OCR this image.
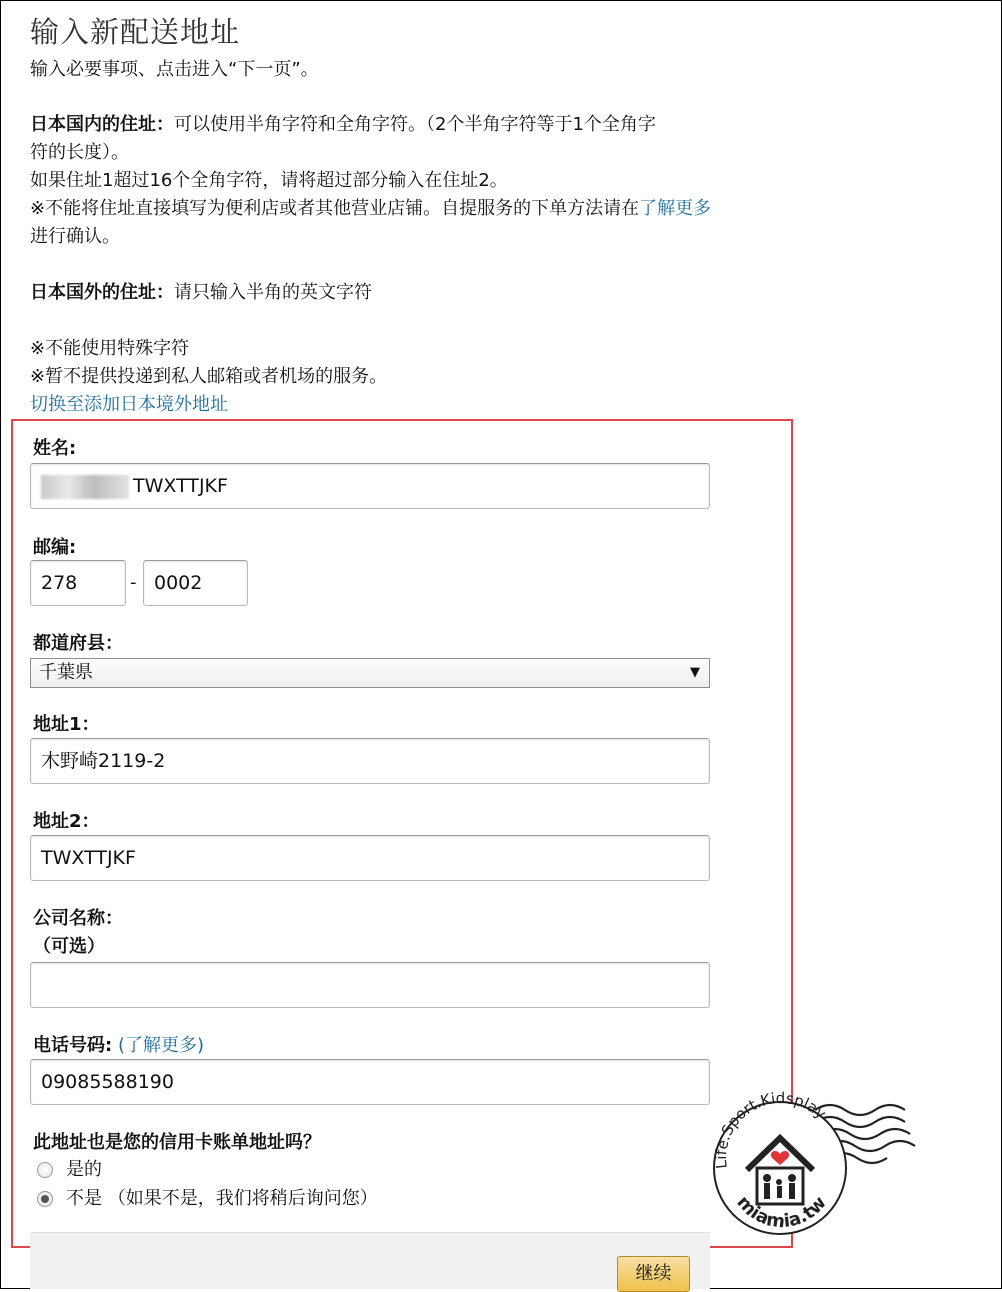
输入新配送地址
输入必要事项、点击进入“下一页”。
日本国内的住址：可以使用半角字符和全角字符。（2个半角字符等于1个全角字
符的长度）。
如果住址1超过16个全角字符，请将超过部分输入在住址2。
※不能将住址直接填写为便利店或者其他营业店铺。自提服务的下单方法请在了解更多进行确认。
日本国外的住址：请只输入半角的英文字符
※不能使用特殊字符
※暂不提供投递到私人邮箱或者机场的服务。
切换至添加日本境外地址
姓名:
TWXTTJKF
邮编:
278	- 0002
都道府县：
千葉県	▼
地址1：
木野崎2119-2
地址2：
TWXTTJKF
公司名称：
（可选）
电话号码: (了解更多)
09085588190
此地址也是您的信用卡账单地址吗？
是的
不是 （如果不是，我们将稍后询问您）
继续
Life.Sport.Kidsplay
miamia.tw
